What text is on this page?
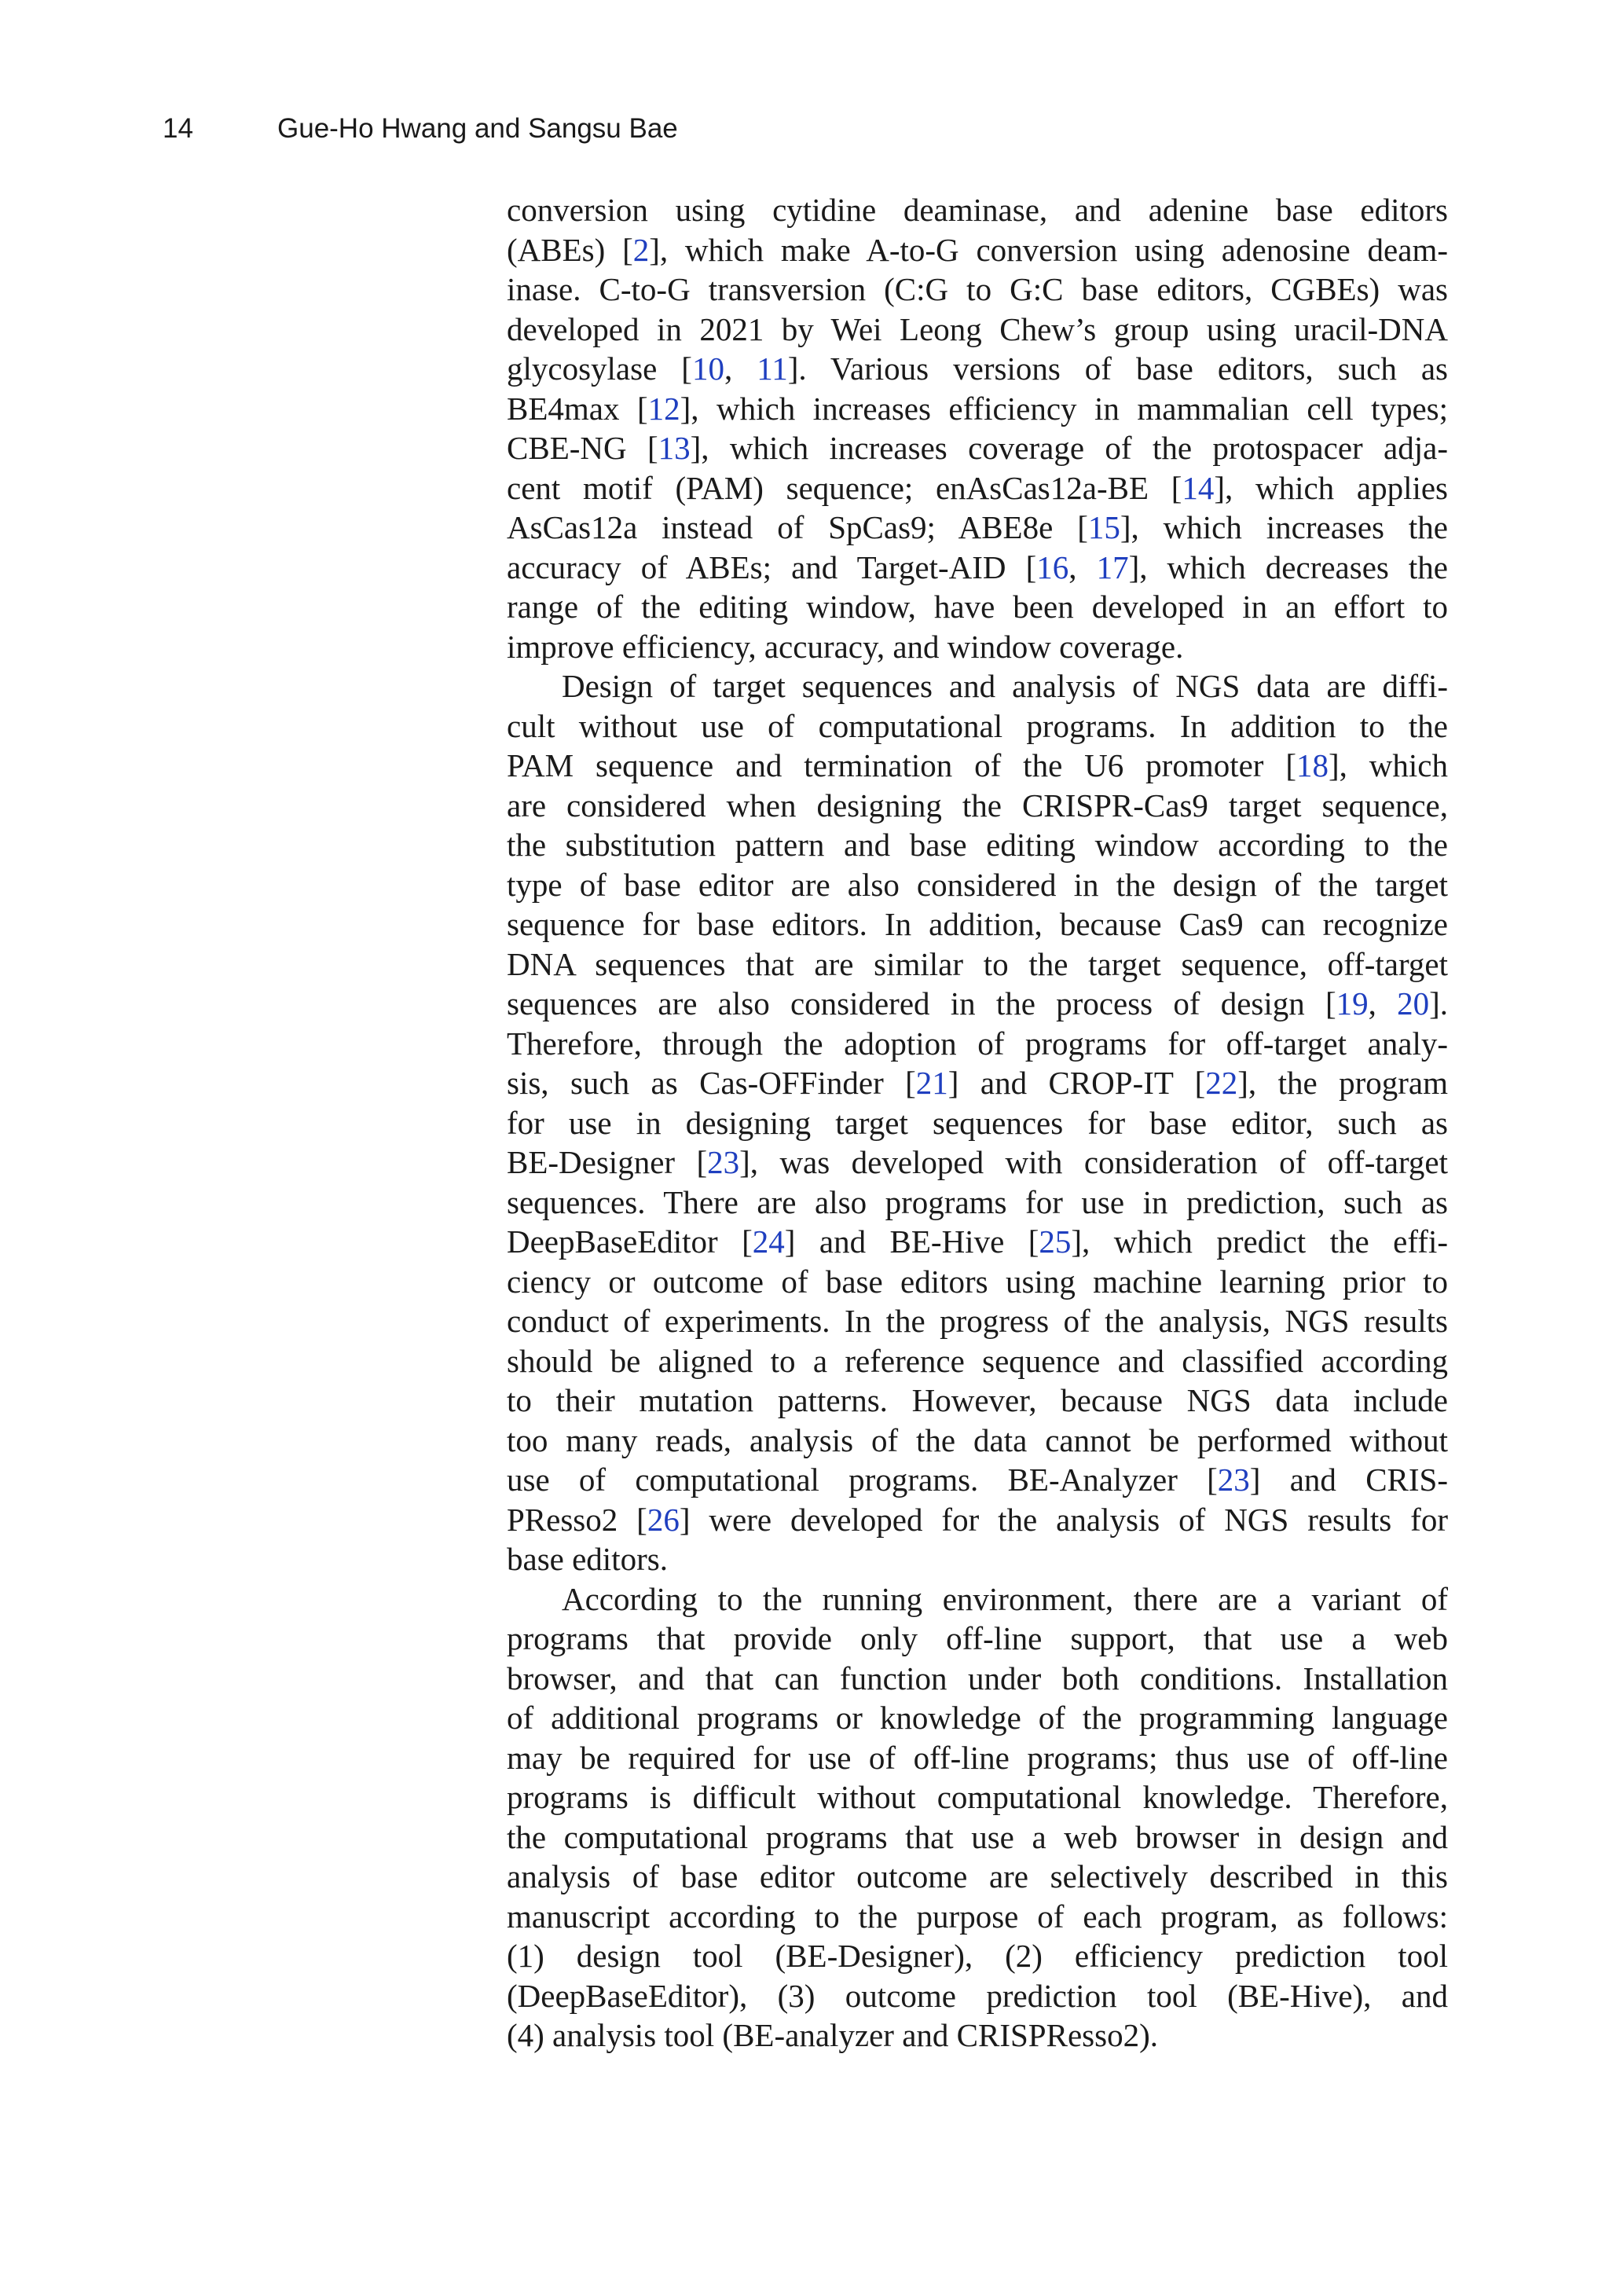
14	Gue-Ho Hwang and Sangsu Bae
conversion using cytidine deaminase, and adenine base editors
(ABEs) [2], which make A-to-G conversion using adenosine deam-
inase. C-to-G transversion (C:G to G:C base editors, CGBEs) was
developed in 2021 by Wei Leong Chew’s group using uracil-DNA
glycosylase [10, 11]. Various versions of base editors, such as
BE4max [12], which increases efficiency in mammalian cell types;
CBE-NG [13], which increases coverage of the protospacer adja-
cent motif (PAM) sequence; enAsCas12a-BE [14], which applies
AsCas12a instead of SpCas9; ABE8e [15], which increases the
accuracy of ABEs; and Target-AID [16, 17], which decreases the
range of the editing window, have been developed in an effort to
improve efficiency, accuracy, and window coverage.
Design of target sequences and analysis of NGS data are diffi-
cult without use of computational programs. In addition to the
PAM sequence and termination of the U6 promoter [18], which
are considered when designing the CRISPR-Cas9 target sequence,
the substitution pattern and base editing window according to the
type of base editor are also considered in the design of the target
sequence for base editors. In addition, because Cas9 can recognize
DNA sequences that are similar to the target sequence, off-target
sequences are also considered in the process of design [19, 20].
Therefore, through the adoption of programs for off-target analy-
sis, such as Cas-OFFinder [21] and CROP-IT [22], the program
for use in designing target sequences for base editor, such as
BE-Designer [23], was developed with consideration of off-target
sequences. There are also programs for use in prediction, such as
DeepBaseEditor [24] and BE-Hive [25], which predict the effi-
ciency or outcome of base editors using machine learning prior to
conduct of experiments. In the progress of the analysis, NGS results
should be aligned to a reference sequence and classified according
to their mutation patterns. However, because NGS data include
too many reads, analysis of the data cannot be performed without
use of computational programs. BE-Analyzer [23] and CRIS-
PResso2 [26] were developed for the analysis of NGS results for
base editors.
According to the running environment, there are a variant of
programs that provide only off-line support, that use a web
browser, and that can function under both conditions. Installation
of additional programs or knowledge of the programming language
may be required for use of off-line programs; thus use of off-line
programs is difficult without computational knowledge. Therefore,
the computational programs that use a web browser in design and
analysis of base editor outcome are selectively described in this
manuscript according to the purpose of each program, as follows:
(1) design tool (BE-Designer), (2) efficiency prediction tool
(DeepBaseEditor), (3) outcome prediction tool (BE-Hive), and
(4) analysis tool (BE-analyzer and CRISPResso2).
